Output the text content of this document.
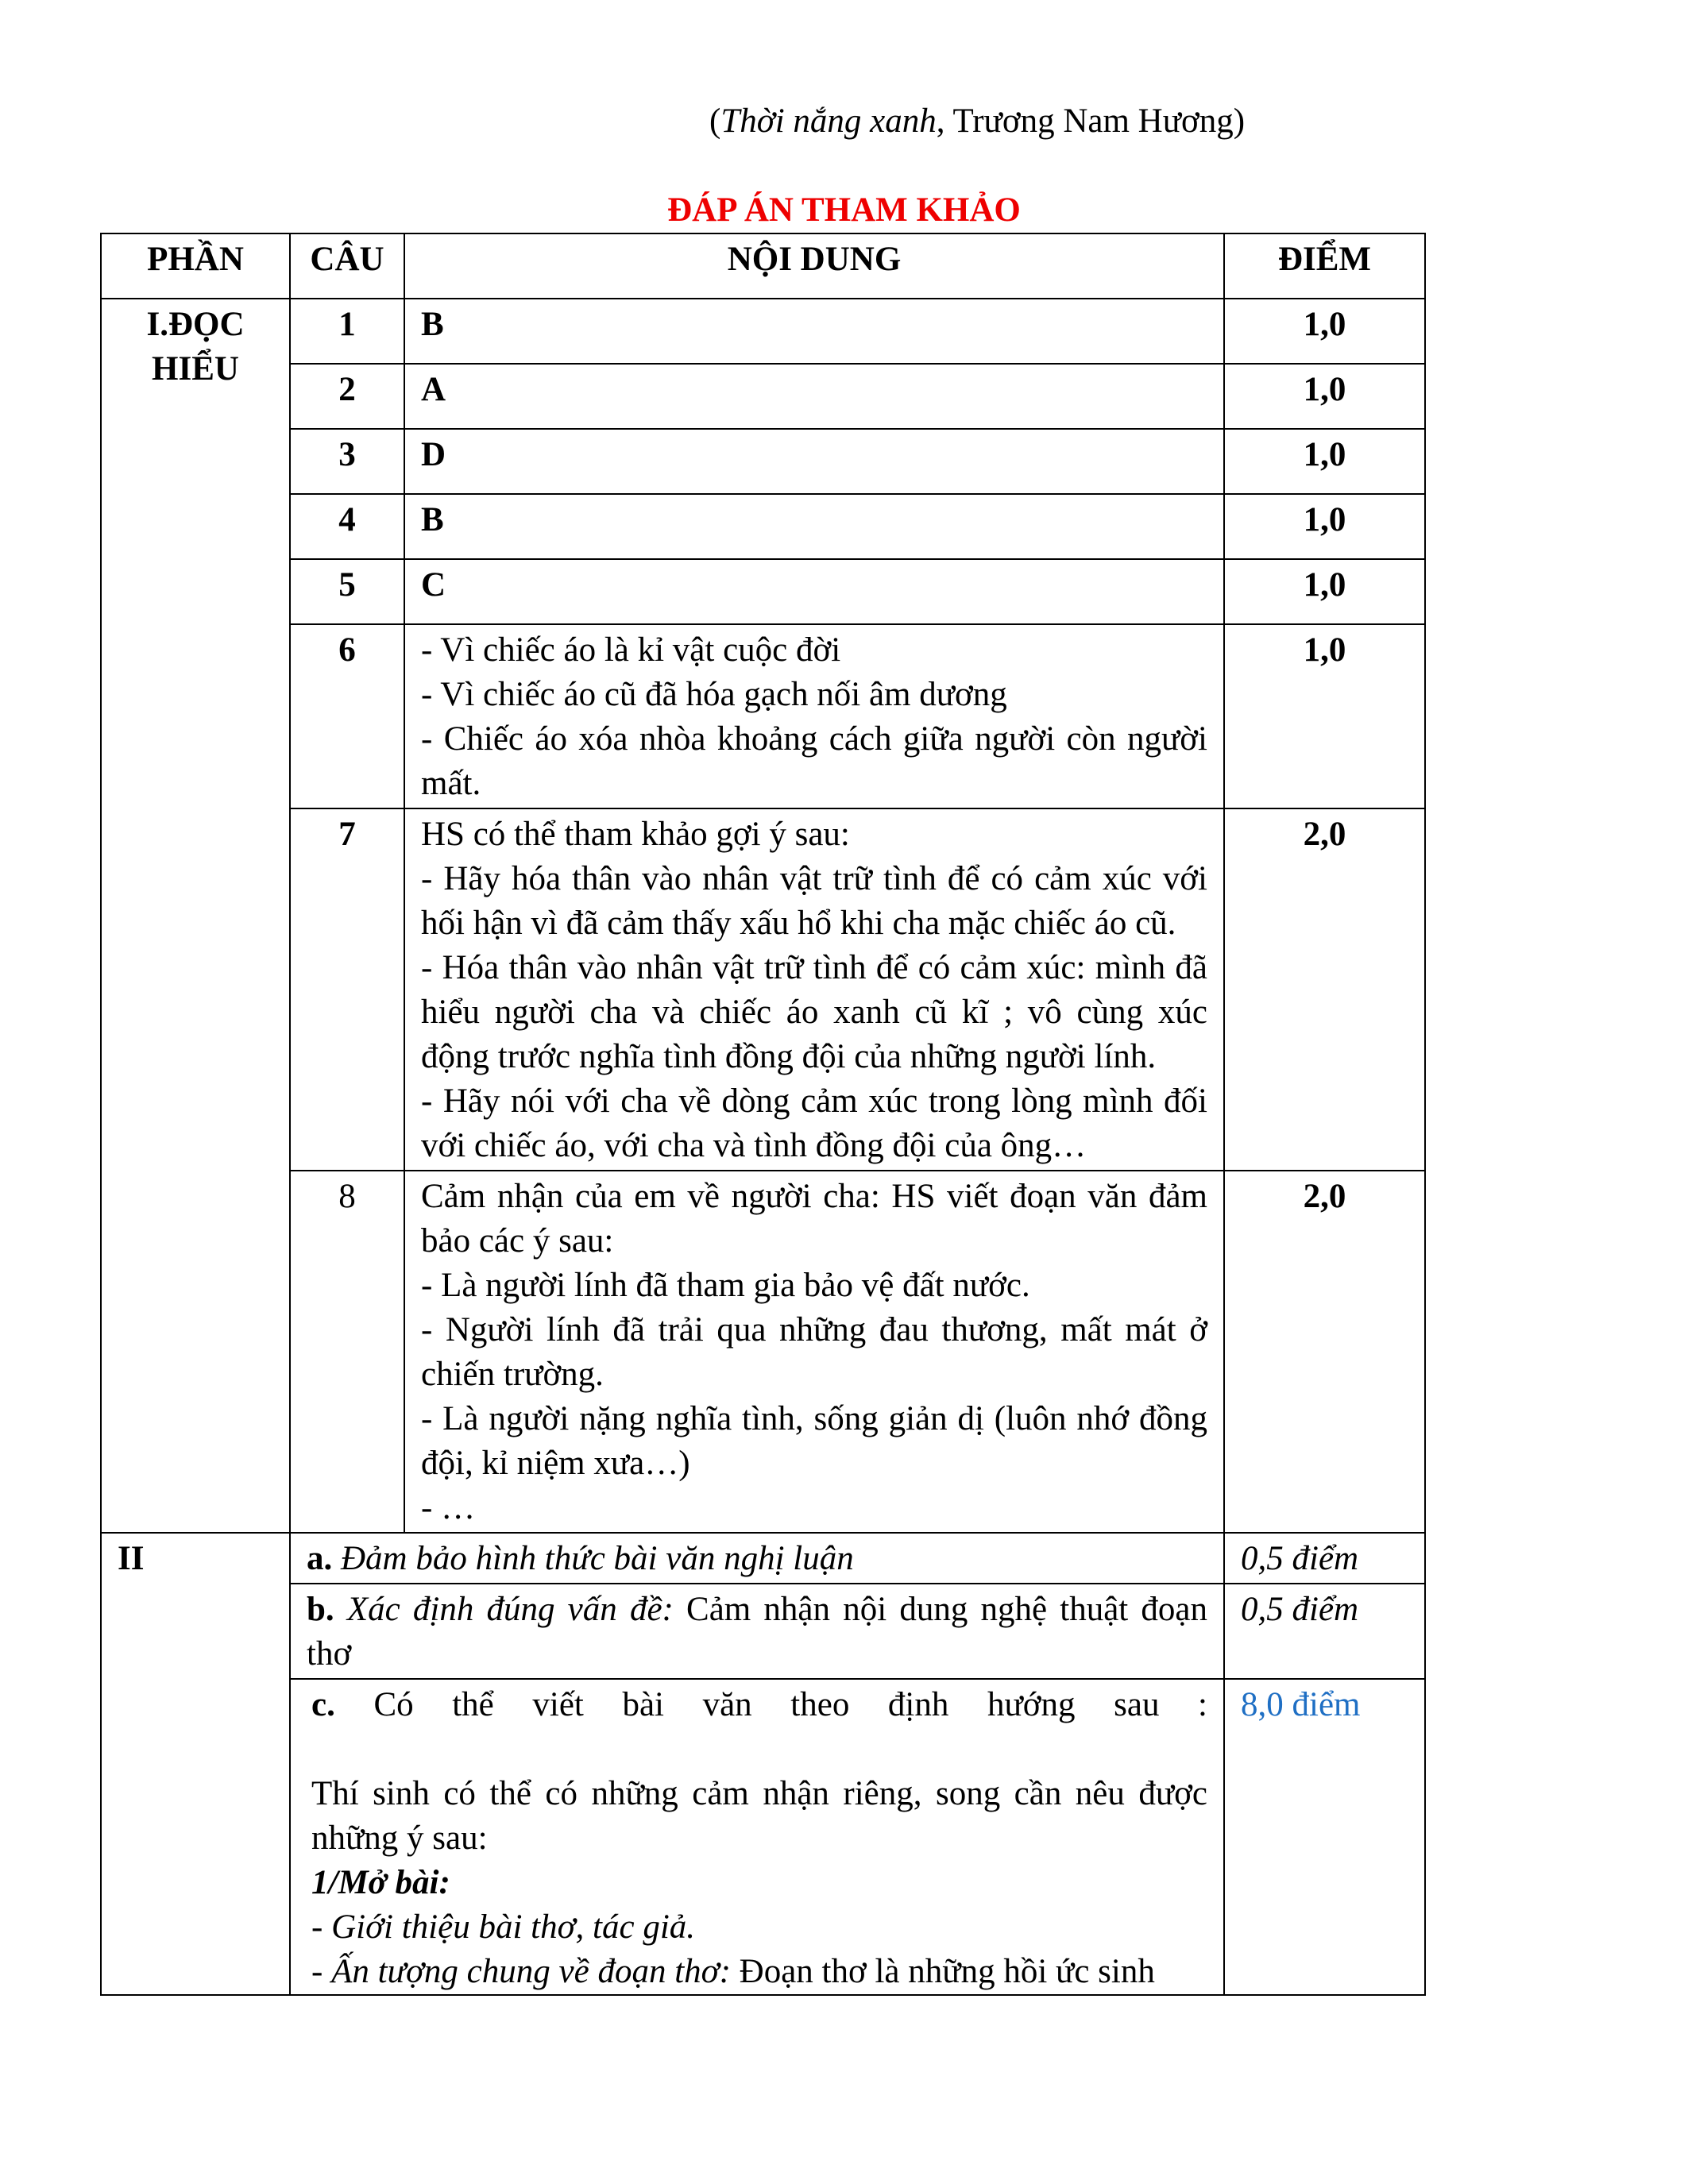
(Thời nắng xanh, Trương Nam Hương)
ĐÁP ÁN THAM KHẢO
PHẦN	CÂU	NỘI DUNG	ĐIỂM

I.ĐỌC
HIỂU	1	B	1,0
	2	A	1,0
	3	D	1,0
	4	B	1,0
	5	C	1,0
	6	- Vì chiếc áo là kỉ vật cuộc đời
- Vì chiếc áo cũ đã hóa gạch nối âm dương
- Chiếc áo xóa nhòa khoảng cách giữa người còn người mất.	1,0
	7	HS có thể tham khảo gợi ý sau:
- Hãy hóa thân vào nhân vật trữ tình để có cảm xúc với hối hận vì đã cảm thấy xấu hổ khi cha mặc chiếc áo cũ.
- Hóa thân vào nhân vật trữ tình để có cảm xúc: mình đã hiểu người cha và chiếc áo xanh cũ kĩ ; vô cùng xúc động trước nghĩa tình đồng đội của những người lính.
- Hãy nói với cha về dòng cảm xúc trong lòng mình đối với chiếc áo, với cha và tình đồng đội của ông…	2,0
	8	Cảm nhận của em về người cha: HS viết đoạn văn đảm bảo các ý sau:
- Là người lính đã tham gia bảo vệ đất nước.
- Người lính đã trải qua những đau thương, mất mát ở chiến trường.
- Là người nặng nghĩa tình, sống giản dị (luôn nhớ đồng đội, kỉ niệm xưa…)
- …	2,0
II	a. Đảm bảo hình thức bài văn nghị luận		0,5 điểm
	b. Xác định đúng vấn đề: Cảm nhận nội dung nghệ thuật đoạn thơ		0,5 điểm

	c. Có thể viết bài văn theo định hướng sau :
Thí sinh có thể có những cảm nhận riêng, song cần nêu được những ý sau:
1/Mở bài:
- Giới thiệu bài thơ, tác giả.
- Ấn tượng chung về đoạn thơ: Đoạn thơ là những hồi ức sinh		8,0 điểm
